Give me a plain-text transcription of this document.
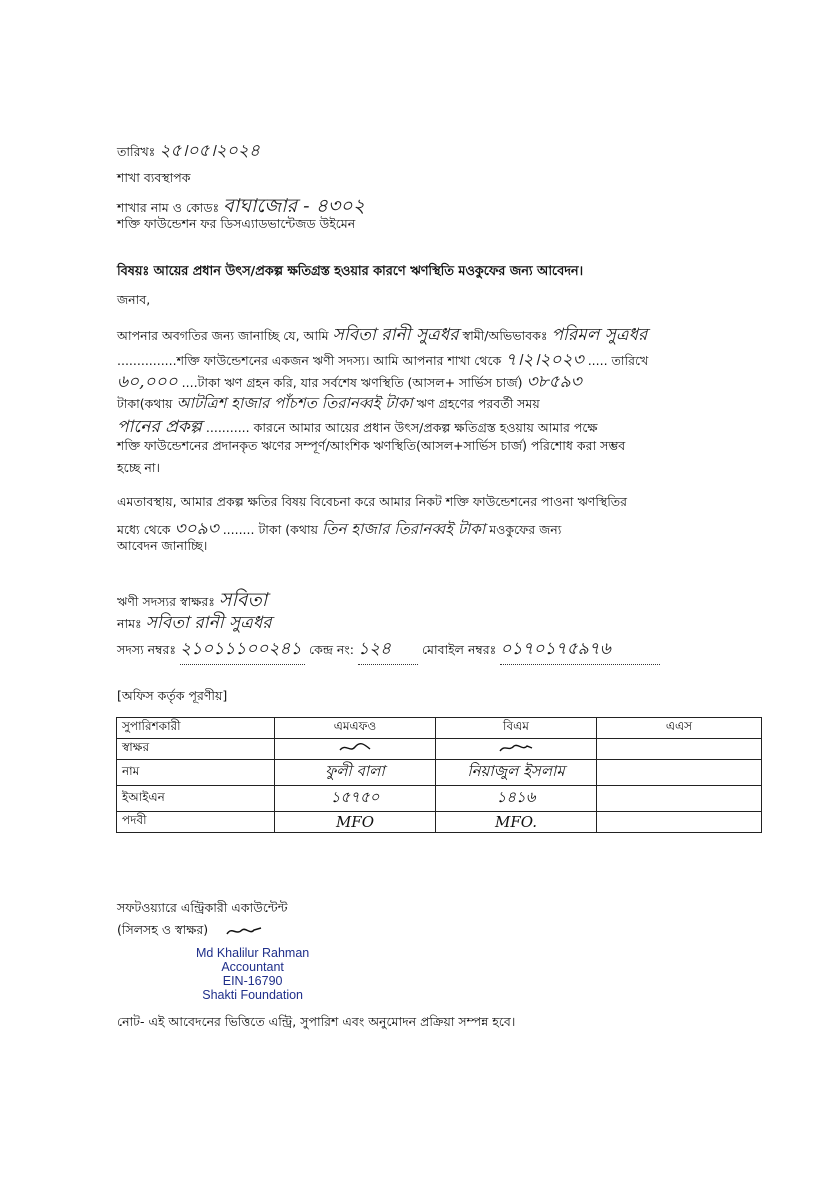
তারিখঃ ২৫।০৫।২০২৪
শাখা ব্যবস্থাপক
শাখার নাম ও কোডঃ বাঘাজোর - ৪৩০২
শক্তি ফাউন্ডেশন ফর ডিসএ্যাডভান্টেজড উইমেন
বিষয়ঃ আয়ের প্রধান উৎস/প্রকল্প ক্ষতিগ্রস্ত হওয়ার কারণে ঋণস্থিতি মওকুফের জন্য আবেদন।
জনাব,
আপনার অবগতির জন্য জানাচ্ছি যে, আমি সবিতা রানী সুত্রধর স্বামী/অভিভাবকঃ পরিমল সুত্রধর
...............শক্তি ফাউন্ডেশনের একজন ঋণী সদস্য। আমি আপনার শাখা থেকে ৭।২।২০২৩ ..... তারিখে
৬০,০০০ ....টাকা ঋণ গ্রহন করি, যার সর্বশেষ ঋণস্থিতি (আসল+ সার্ভিস চার্জ) ৩৮৫৯৩
টাকা(কথায় আটত্রিশ হাজার পাঁচশত তিরানব্বই টাকা ঋণ গ্রহণের পরবর্তী সময়
পানের প্রকল্প ........... কারনে আমার আয়ের প্রধান উৎস/প্রকল্প ক্ষতিগ্রস্ত হওয়ায় আমার পক্ষে
শক্তি ফাউন্ডেশনের প্রদানকৃত ঋণের সম্পূর্ণ/আংশিক ঋণস্থিতি(আসল+সার্ভিস চার্জ) পরিশোধ করা সম্ভব
হচ্ছে না।
এমতাবস্থায়, আমার প্রকল্প ক্ষতির বিষয় বিবেচনা করে আমার নিকট শক্তি ফাউন্ডেশনের পাওনা ঋণস্থিতির
মধ্যে থেকে ৩০৯৩ ........ টাকা (কথায় তিন হাজার তিরানব্বই টাকা মওকুফের জন্য
আবেদন জানাচ্ছি।
ঋণী সদস্যর স্বাক্ষরঃ সবিতা
নামঃ সবিতা রানী সুত্রধর
সদস্য নম্বরঃ ২১০১১১০০২৪১ কেন্দ্র নং: ১২৪ মোবাইল নম্বরঃ ০১৭০১৭৫৯৭৬
[অফিস কর্তৃক পূরণীয়]
সুপারিশকারী	এমএফও	বিএম	এএস
স্বাক্ষর			
নাম	ফুলী বালা	নিয়াজুল ইসলাম	
ইআইএন	১৫৭৫০	১৪১৬	
পদবী	MFO	MFO.	
সফটওয়্যারে এন্ট্রিকারী একাউন্টেন্ট
(সিলসহ ও স্বাক্ষর)
Md Khalilur Rahman
Accountant
EIN-16790
Shakti Foundation
নোট- এই আবেদনের ভিত্তিতে এন্ট্রি, সুপারিশ এবং অনুমোদন প্রক্রিয়া সম্পন্ন হবে।
